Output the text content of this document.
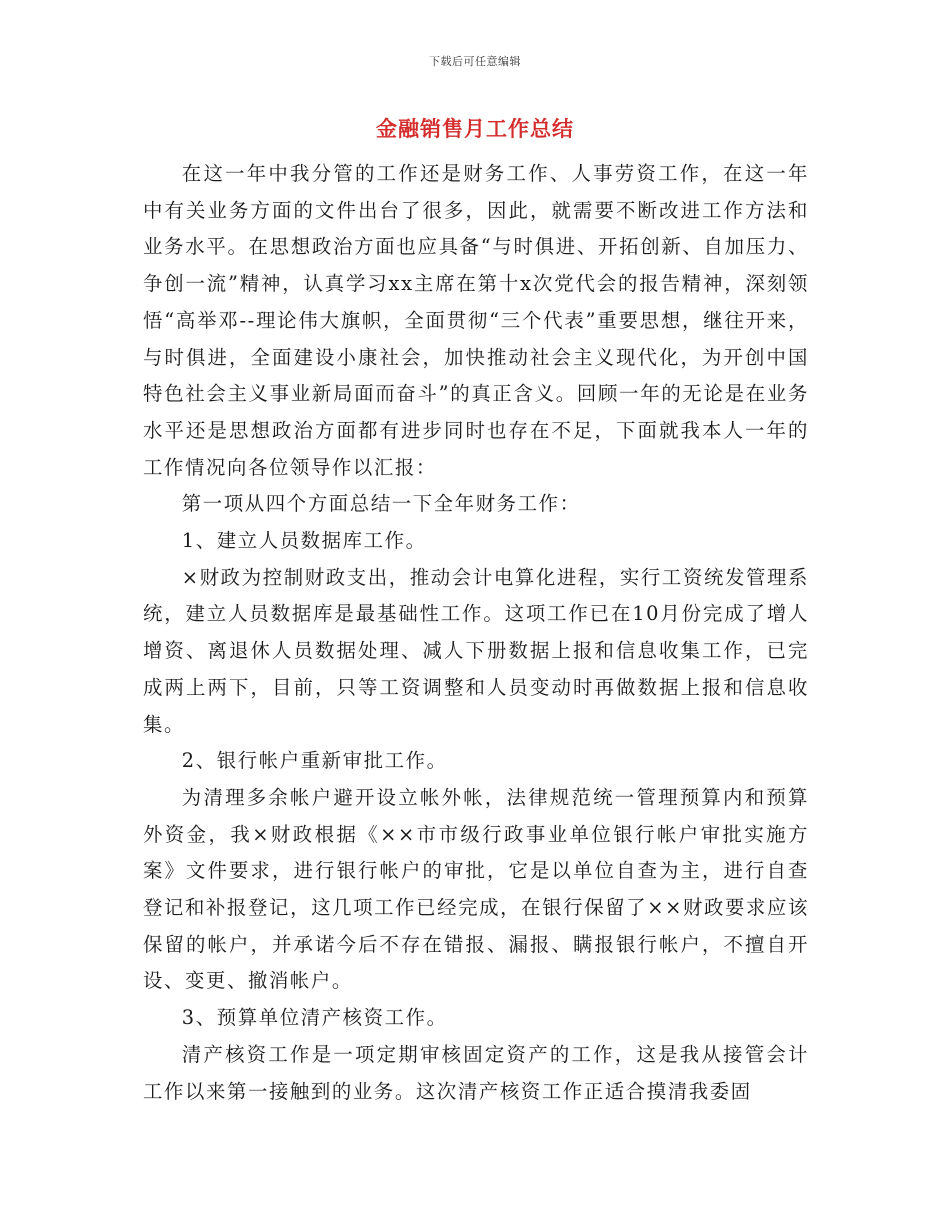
下载后可任意编辑
金融销售月工作总结

在这一年中我分管的工作还是财务工作、人事劳资工作，在这一年中有关业务方面的文件出台了很多，因此，就需要不断改进工作方法和业务水平。在思想政治方面也应具备“与时俱进、开拓创新、自加压力、争创一流”精神，认真学习xx主席在第十x次党代会的报告精神，深刻领悟“高举邓--理论伟大旗帜，全面贯彻“三个代表”重要思想，继往开来，与时俱进，全面建设小康社会，加快推动社会主义现代化，为开创中国特色社会主义事业新局面而奋斗”的真正含义。回顾一年的无论是在业务水平还是思想政治方面都有进步同时也存在不足，下面就我本人一年的工作情况向各位领导作以汇报：

第一项从四个方面总结一下全年财务工作：

1、建立人员数据库工作。

×财政为控制财政支出，推动会计电算化进程，实行工资统发管理系统，建立人员数据库是最基础性工作。这项工作已在10月份完成了增人增资、离退休人员数据处理、减人下册数据上报和信息收集工作，已完成两上两下，目前，只等工资调整和人员变动时再做数据上报和信息收集。

2、银行帐户重新审批工作。

为清理多余帐户避开设立帐外帐，法律规范统一管理预算内和预算外资金，我×财政根据《××市市级行政事业单位银行帐户审批实施方案》文件要求，进行银行帐户的审批，它是以单位自查为主，进行自查登记和补报登记，这几项工作已经完成，在银行保留了××财政要求应该保留的帐户，并承诺今后不存在错报、漏报、瞒报银行帐户，不擅自开设、变更、撤消帐户。

3、预算单位清产核资工作。

清产核资工作是一项定期审核固定资产的工作，这是我从接管会计工作以来第一接触到的业务。这次清产核资工作正适合摸清我委固
